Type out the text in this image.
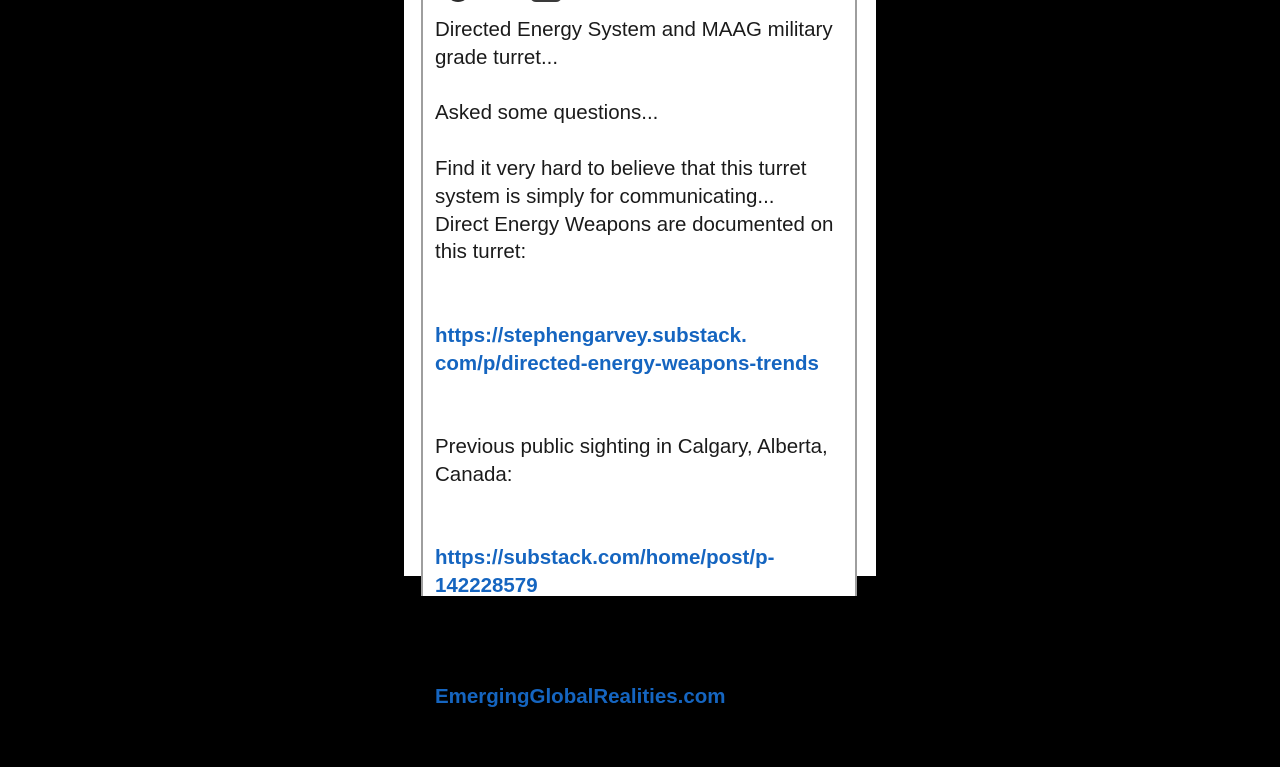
Directed Energy System and MAAG military
grade turret...

Asked some questions...

Find it very hard to believe that this turret
system is simply for communicating...
Direct Energy Weapons are documented on
this turret:

https://stephengarvey.substack.
com/p/directed-energy-weapons-trends

Previous public sighting in Calgary, Alberta,
Canada:

https://substack.com/home/post/p-
142228579

EmergingGlobalRealities.com
